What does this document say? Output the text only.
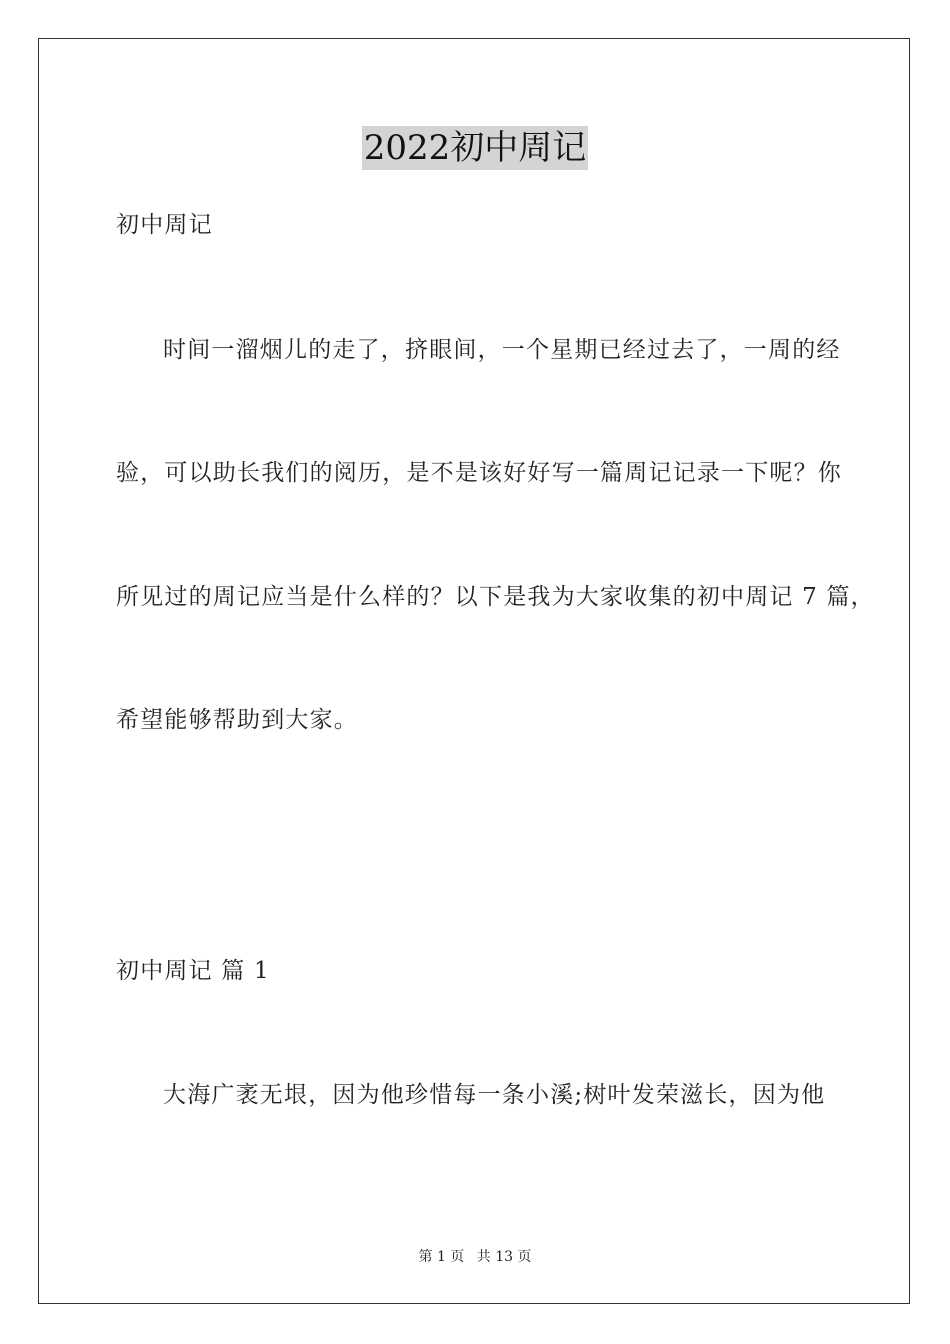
2022初中周记
初中周记
时间一溜烟儿的走了，挤眼间，一个星期已经过去了，一周的经
验，可以助长我们的阅历，是不是该好好写一篇周记记录一下呢？你
所见过的周记应当是什么样的？以下是我为大家收集的初中周记 7 篇，
希望能够帮助到大家。
初中周记 篇 1
大海广袤无垠，因为他珍惜每一条小溪;树叶发荣滋长，因为他
第 1 页 共 13 页
